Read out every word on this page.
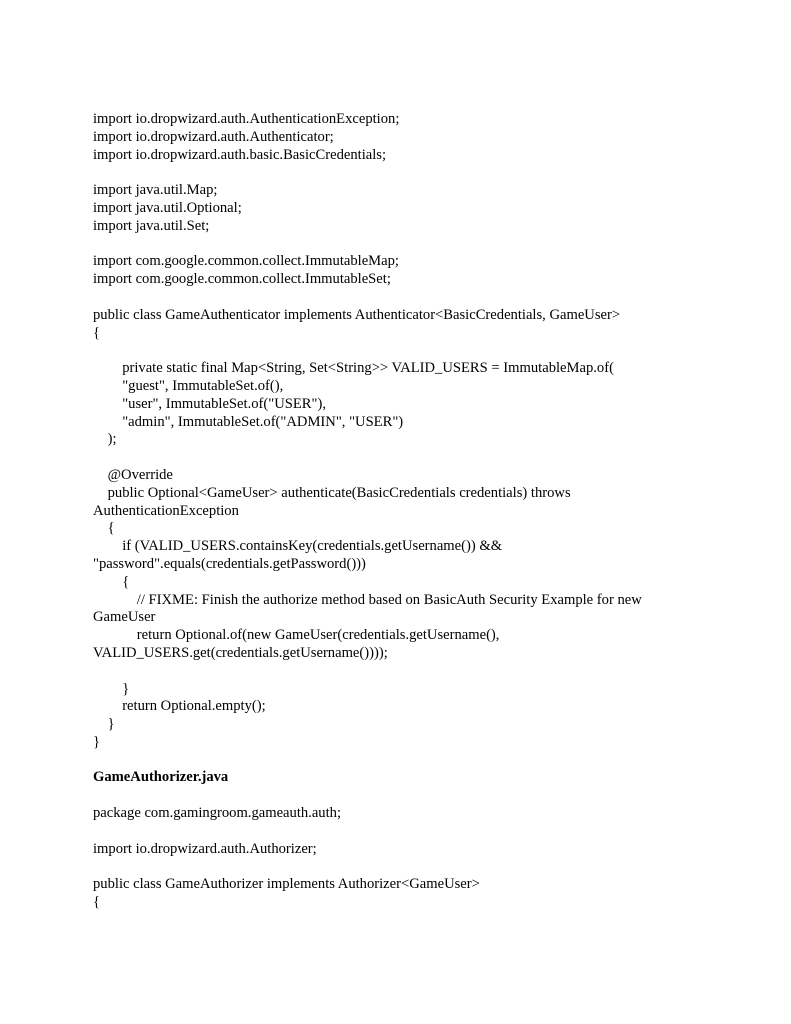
import io.dropwizard.auth.AuthenticationException;
import io.dropwizard.auth.Authenticator;
import io.dropwizard.auth.basic.BasicCredentials;
import java.util.Map;
import java.util.Optional;
import java.util.Set;
import com.google.common.collect.ImmutableMap;
import com.google.common.collect.ImmutableSet;
public class GameAuthenticator implements Authenticator<BasicCredentials, GameUser>
{
private static final Map<String, Set<String>> VALID_USERS = ImmutableMap.of(
"guest", ImmutableSet.of(),
"user", ImmutableSet.of("USER"),
"admin", ImmutableSet.of("ADMIN", "USER")
);
@Override
public Optional<GameUser> authenticate(BasicCredentials credentials) throws
AuthenticationException
{
if (VALID_USERS.containsKey(credentials.getUsername()) &&
"password".equals(credentials.getPassword()))
{
// FIXME: Finish the authorize method based on BasicAuth Security Example for new
GameUser
return Optional.of(new GameUser(credentials.getUsername(),
VALID_USERS.get(credentials.getUsername())));
}
return Optional.empty();
}
}
GameAuthorizer.java
package com.gamingroom.gameauth.auth;
import io.dropwizard.auth.Authorizer;
public class GameAuthorizer implements Authorizer<GameUser>
{
